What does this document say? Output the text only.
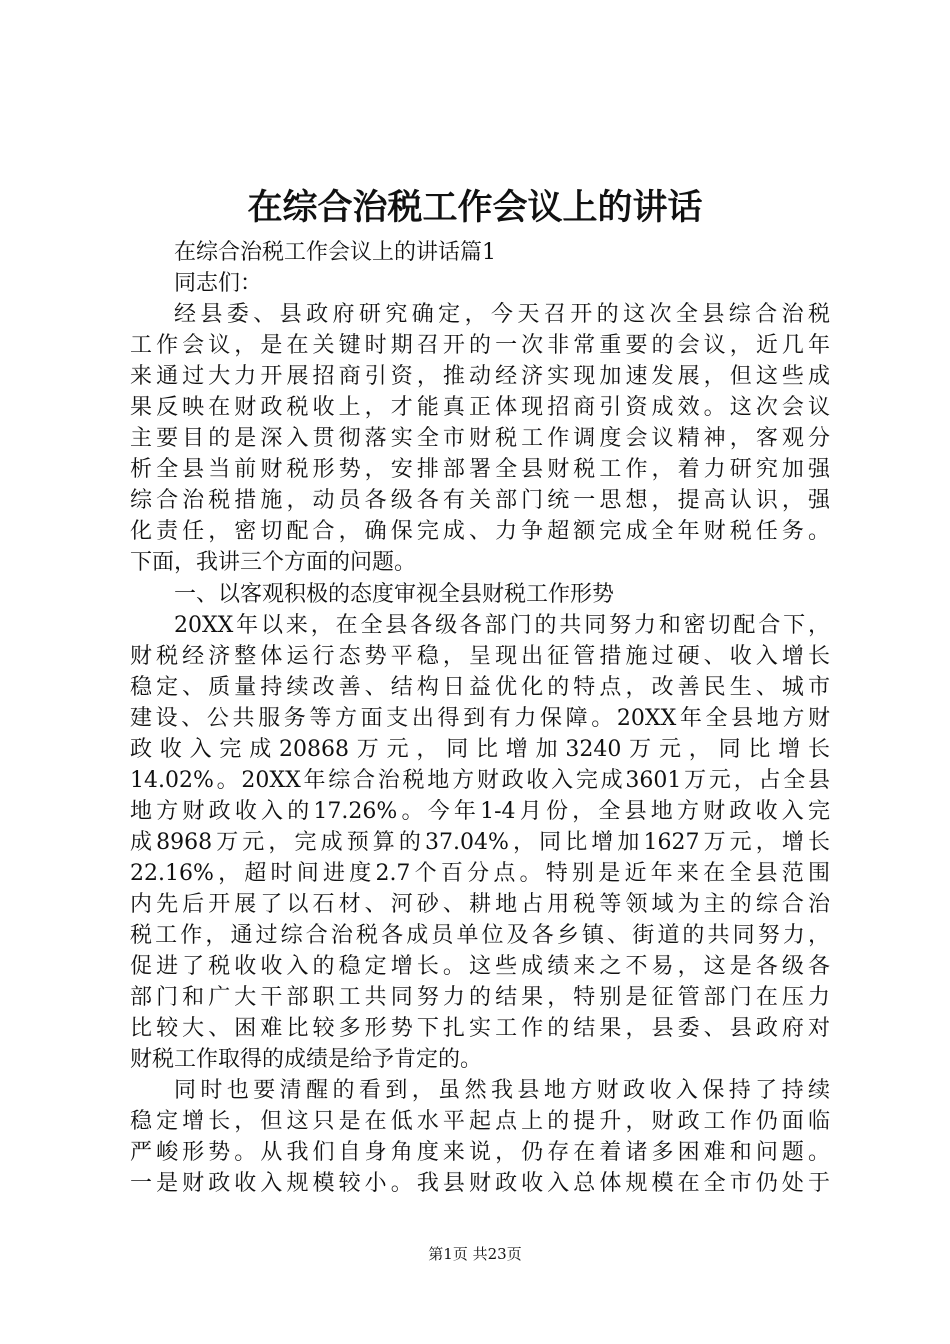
在综合治税工作会议上的讲话
在综合治税工作会议上的讲话篇1
同志们：
经县委、县政府研究确定，今天召开的这次全县综合治税
工作会议，是在关键时期召开的一次非常重要的会议，近几年
来通过大力开展招商引资，推动经济实现加速发展，但这些成
果反映在财政税收上，才能真正体现招商引资成效。这次会议
主要目的是深入贯彻落实全市财税工作调度会议精神，客观分
析全县当前财税形势，安排部署全县财税工作，着力研究加强
综合治税措施，动员各级各有关部门统一思想，提高认识，强
化责任，密切配合，确保完成、力争超额完成全年财税任务。
下面，我讲三个方面的问题。
一、以客观积极的态度审视全县财税工作形势
20XX年以来，在全县各级各部门的共同努力和密切配合下，
财税经济整体运行态势平稳，呈现出征管措施过硬、收入增长
稳定、质量持续改善、结构日益优化的特点，改善民生、城市
建设、公共服务等方面支出得到有力保障。20XX年全县地方财
政收入完成20868万元，同比增加3240万元，同比增长
14.02%。20XX年综合治税地方财政收入完成3601万元，占全县
地方财政收入的17.26%。今年1-4月份，全县地方财政收入完
成8968万元，完成预算的37.04%，同比增加1627万元，增长
22.16%，超时间进度2.7个百分点。特别是近年来在全县范围
内先后开展了以石材、河砂、耕地占用税等领域为主的综合治
税工作，通过综合治税各成员单位及各乡镇、街道的共同努力，
促进了税收收入的稳定增长。这些成绩来之不易，这是各级各
部门和广大干部职工共同努力的结果，特别是征管部门在压力
比较大、困难比较多形势下扎实工作的结果，县委、县政府对
财税工作取得的成绩是给予肯定的。
同时也要清醒的看到，虽然我县地方财政收入保持了持续
稳定增长，但这只是在低水平起点上的提升，财政工作仍面临
严峻形势。从我们自身角度来说，仍存在着诸多困难和问题。
一是财政收入规模较小。我县财政收入总体规模在全市仍处于
第1页 共23页
